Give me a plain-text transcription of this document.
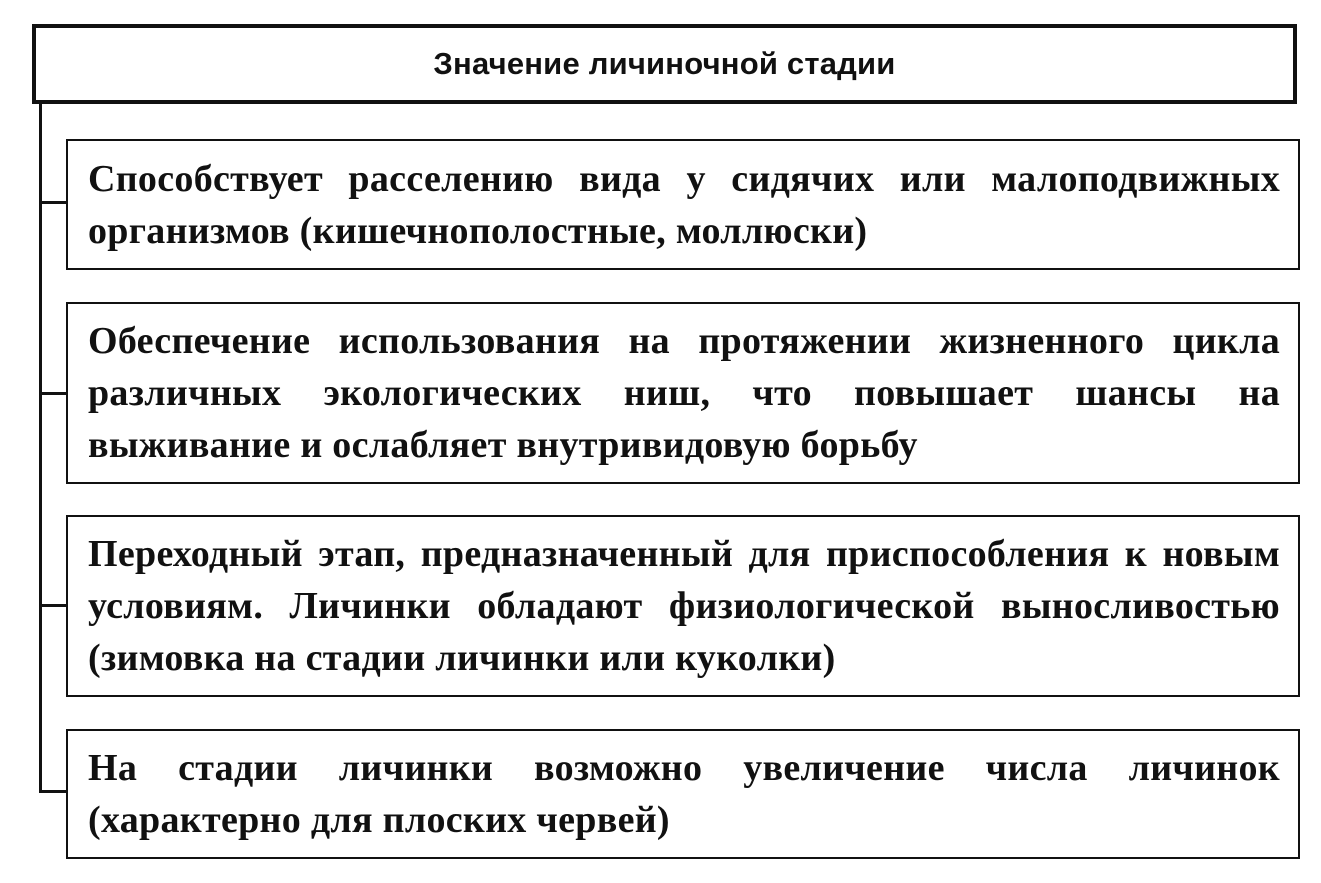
Значение личиночной стадии
Способствует расселению вида у сидячих или малоподвижных организмов (кишечнополостные, моллюски)
Обеспечение использования на протяжении жизненного цикла различных экологических ниш, что повышает шансы на выживание и ослабляет внутривидовую борьбу
Переходный этап, предназначенный для приспособления к новым условиям. Личинки обладают физиологической выносливостью (зимовка на стадии личинки или куколки)
На стадии личинки возможно увеличение числа личинок (характерно для плоских червей)
